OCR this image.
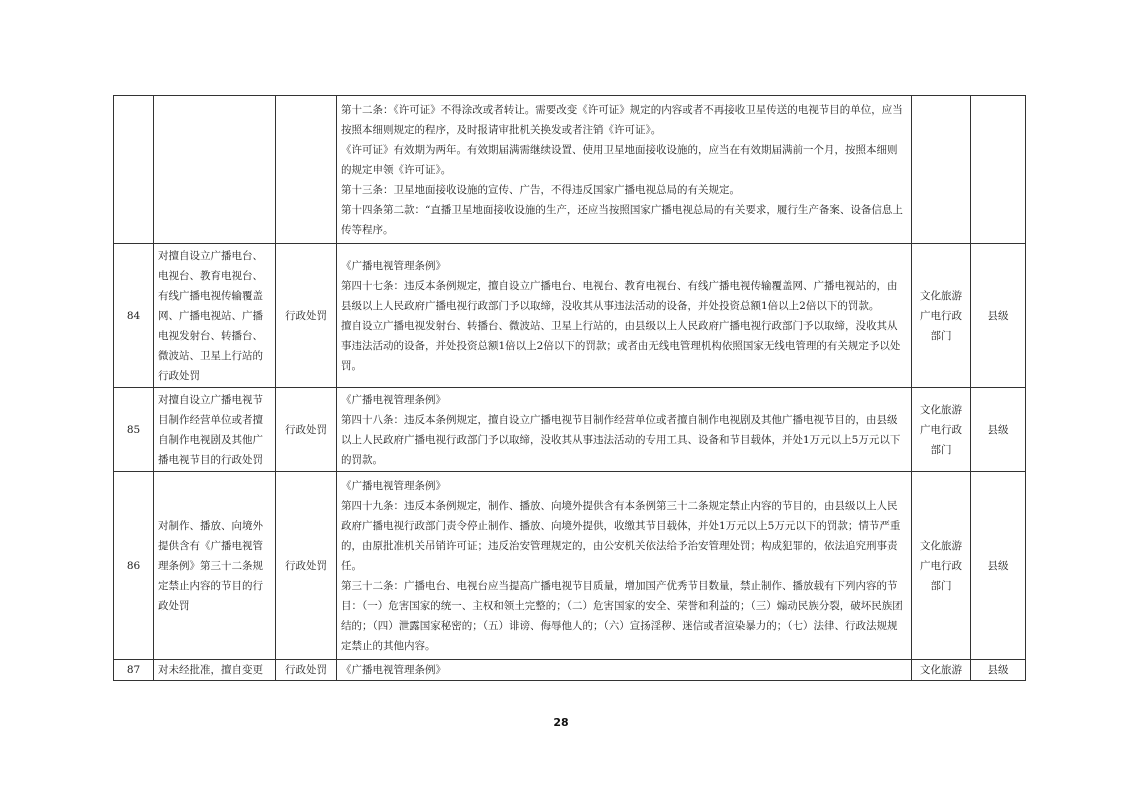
			第十二条：《许可证》不得涂改或者转让。需要改变《许可证》规定的内容或者不再接收卫星传送的电视节目的单位，应当按照本细则规定的程序，及时报请审批机关换发或者注销《许可证》。
《许可证》有效期为两年。有效期届满需继续设置、使用卫星地面接收设施的，应当在有效期届满前一个月，按照本细则的规定申领《许可证》。
第十三条：卫星地面接收设施的宣传、广告，不得违反国家广播电视总局的有关规定。
第十四条第二款：“直播卫星地面接收设施的生产，还应当按照国家广播电视总局的有关要求，履行生产备案、设备信息上传等程序。		

84	对擅自设立广播电台、电视台、教育电视台、有线广播电视传输覆盖网、广播电视站、广播电视发射台、转播台、微波站、卫星上行站的行政处罚	行政处罚	《广播电视管理条例》
第四十七条：违反本条例规定，擅自设立广播电台、电视台、教育电视台、有线广播电视传输覆盖网、广播电视站的，由县级以上人民政府广播电视行政部门予以取缔，没收其从事违法活动的设备，并处投资总额1倍以上2倍以下的罚款。
擅自设立广播电视发射台、转播台、微波站、卫星上行站的，由县级以上人民政府广播电视行政部门予以取缔，没收其从事违法活动的设备，并处投资总额1倍以上2倍以下的罚款；或者由无线电管理机构依照国家无线电管理的有关规定予以处罚。	文化旅游广电行政部门	县级
85	对擅自设立广播电视节目制作经营单位或者擅自制作电视剧及其他广播电视节目的行政处罚	行政处罚	《广播电视管理条例》
第四十八条：违反本条例规定，擅自设立广播电视节目制作经营单位或者擅自制作电视剧及其他广播电视节目的，由县级以上人民政府广播电视行政部门予以取缔，没收其从事违法活动的专用工具、设备和节目载体，并处1万元以上5万元以下的罚款。	文化旅游广电行政部门	县级
86	对制作、播放、向境外提供含有《广播电视管理条例》第三十二条规定禁止内容的节目的行政处罚	行政处罚	《广播电视管理条例》
第四十九条：违反本条例规定，制作、播放、向境外提供含有本条例第三十二条规定禁止内容的节目的，由县级以上人民政府广播电视行政部门责令停止制作、播放、向境外提供，收缴其节目载体，并处1万元以上5万元以下的罚款；情节严重的，由原批准机关吊销许可证；违反治安管理规定的，由公安机关依法给予治安管理处罚；构成犯罪的，依法追究刑事责任。
第三十二条：广播电台、电视台应当提高广播电视节目质量，增加国产优秀节目数量，禁止制作、播放载有下列内容的节目：（一）危害国家的统一、主权和领土完整的；（二）危害国家的安全、荣誉和利益的；（三）煽动民族分裂，破坏民族团结的；（四）泄露国家秘密的；（五）诽谤、侮辱他人的；（六）宣扬淫秽、迷信或者渲染暴力的；（七）法律、行政法规规定禁止的其他内容。	文化旅游广电行政部门	县级
87	对未经批准，擅自变更	行政处罚	《广播电视管理条例》	文化旅游	县级
28
